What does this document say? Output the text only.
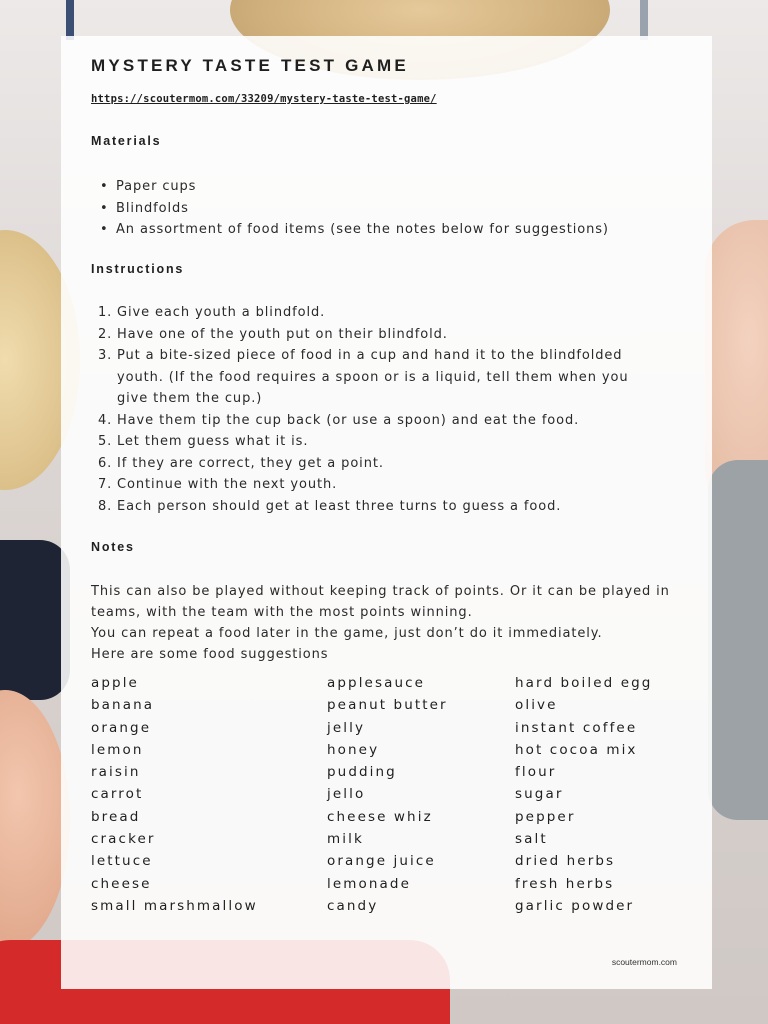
MYSTERY TASTE TEST GAME
https://scoutermom.com/33209/mystery-taste-test-game/
Materials
• Paper cups
• Blindfolds
• An assortment of food items (see the notes below for suggestions)
Instructions
1. Give each youth a blindfold.
2. Have one of the youth put on their blindfold.
3. Put a bite-sized piece of food in a cup and hand it to the blindfolded youth. (If the food requires a spoon or is a liquid, tell them when you give them the cup.)
4. Have them tip the cup back (or use a spoon) and eat the food.
5. Let them guess what it is.
6. If they are correct, they get a point.
7. Continue with the next youth.
8. Each person should get at least three turns to guess a food.
Notes

This can also be played without keeping track of points. Or it can be played in teams, with the team with the most points winning.

You can repeat a food later in the game, just don’t do it immediately.

Here are some food suggestions

apple
banana
orange
lemon
raisin
carrot
bread
cracker
lettuce
cheese
small marshmallow
applesauce
peanut butter
jelly
honey
pudding
jello
cheese whiz
milk
orange juice
lemonade
candy
hard boiled egg
olive
instant coffee
hot cocoa mix
flour
sugar
pepper
salt
dried herbs
fresh herbs
garlic powder
scoutermom.com
